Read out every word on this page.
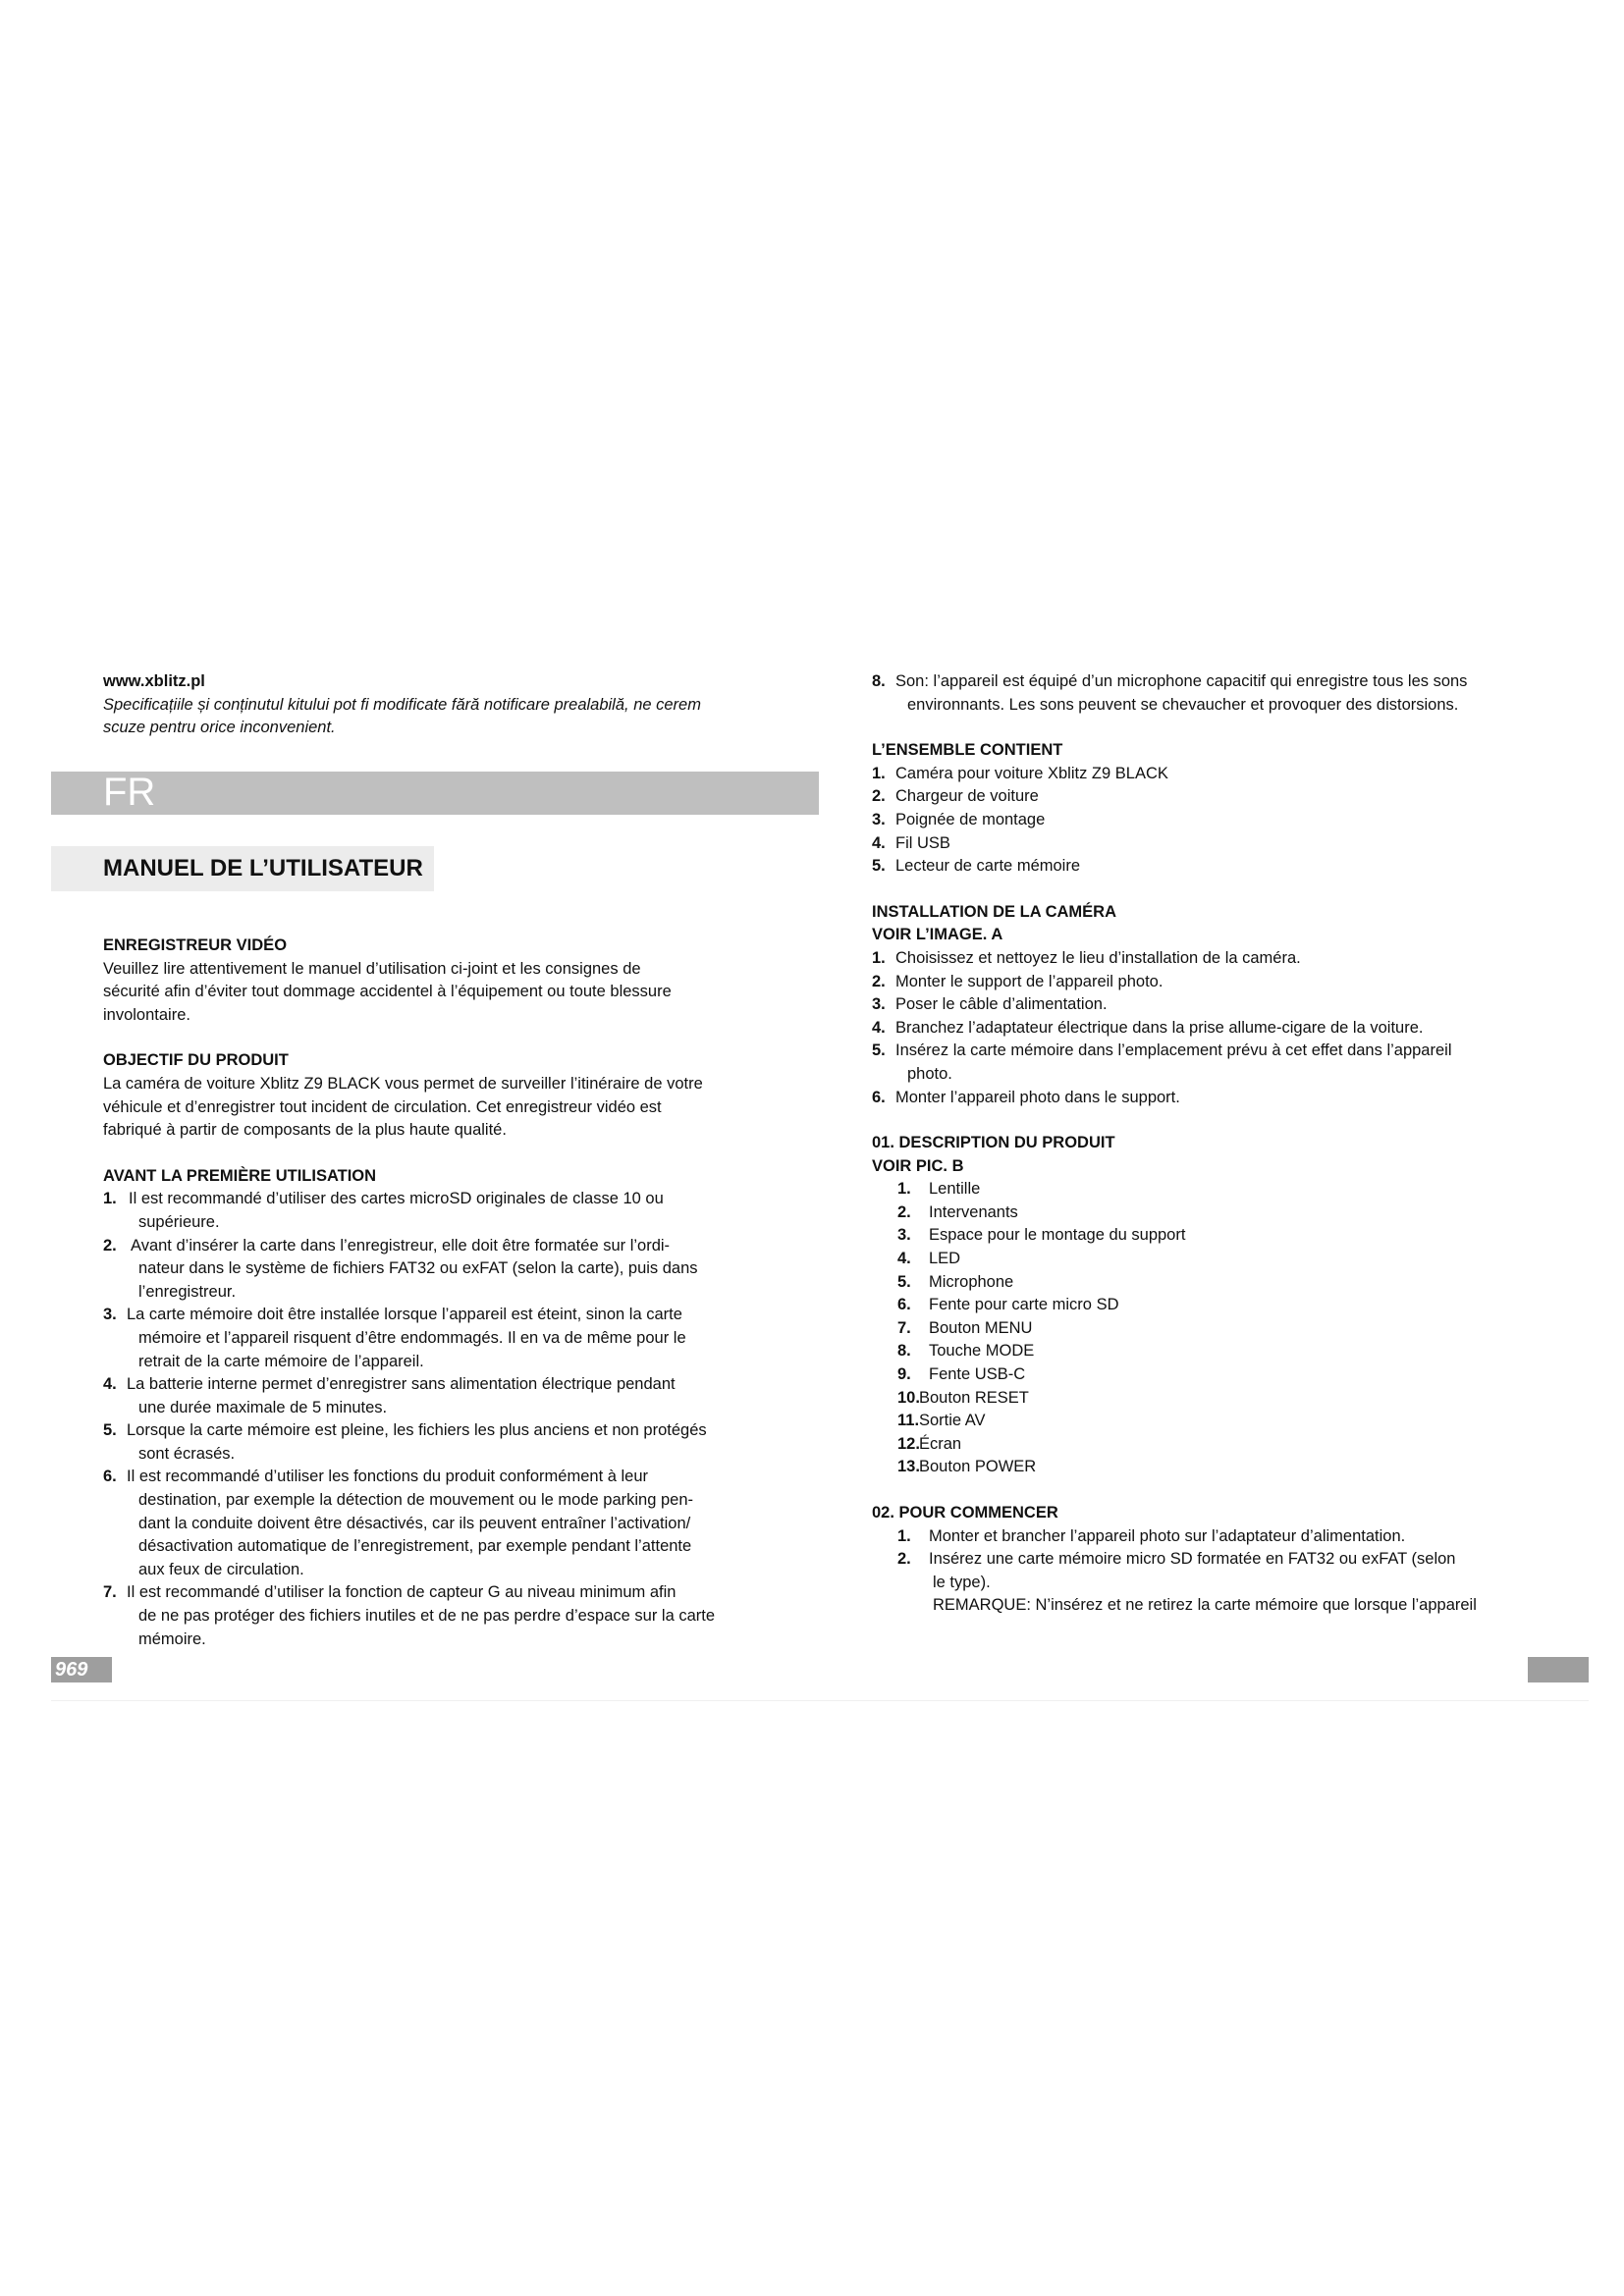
www.xblitz.pl
Specificațiile și conținutul kitului pot fi modificate fără notificare prealabilă, ne cerem scuze pentru orice inconvenient.
FR
MANUEL DE L’UTILISATEUR
ENREGISTREUR VIDÉO
Veuillez lire attentivement le manuel d’utilisation ci-joint et les consignes de
sécurité afin d’éviter tout dommage accidentel à l’équipement ou toute blessure
involontaire.
OBJECTIF DU PRODUIT
La caméra de voiture Xblitz Z9 BLACK vous permet de surveiller l’itinéraire de votre
véhicule et d’enregistrer tout incident de circulation. Cet enregistreur vidéo est
fabriqué à partir de composants de la plus haute qualité.
AVANT LA PREMIÈRE UTILISATION
1. Il est recommandé d’utiliser des cartes microSD originales de classe 10 ou
supérieure.
2. Avant d’insérer la carte dans l’enregistreur, elle doit être formatée sur l’ordi-
nateur dans le système de fichiers FAT32 ou exFAT (selon la carte), puis dans
l’enregistreur.
3. La carte mémoire doit être installée lorsque l’appareil est éteint, sinon la carte
mémoire et l’appareil risquent d’être endommagés. Il en va de même pour le
retrait de la carte mémoire de l’appareil.
4. La batterie interne permet d’enregistrer sans alimentation électrique pendant
une durée maximale de 5 minutes.
5. Lorsque la carte mémoire est pleine, les fichiers les plus anciens et non protégés
sont écrasés.
6. Il est recommandé d’utiliser les fonctions du produit conformément à leur
destination, par exemple la détection de mouvement ou le mode parking pen-
dant la conduite doivent être désactivés, car ils peuvent entraîner l’activation/
désactivation automatique de l’enregistrement, par exemple pendant l’attente
aux feux de circulation.
7. Il est recommandé d’utiliser la fonction de capteur G au niveau minimum afin
de ne pas protéger des fichiers inutiles et de ne pas perdre d’espace sur la carte
mémoire.
8. Son: l’appareil est équipé d’un microphone capacitif qui enregistre tous les sons
environnants. Les sons peuvent se chevaucher et provoquer des distorsions.
L’ENSEMBLE CONTIENT
1. Caméra pour voiture Xblitz Z9 BLACK
2. Chargeur de voiture
3. Poignée de montage
4. Fil USB
5. Lecteur de carte mémoire
INSTALLATION DE LA CAMÉRA
VOIR L’IMAGE. A
1. Choisissez et nettoyez le lieu d’installation de la caméra.
2. Monter le support de l’appareil photo.
3. Poser le câble d’alimentation.
4. Branchez l’adaptateur électrique dans la prise allume-cigare de la voiture.
5. Insérez la carte mémoire dans l’emplacement prévu à cet effet dans l’appareil
photo.
6. Monter l’appareil photo dans le support.
01. DESCRIPTION DU PRODUIT
VOIR PIC. B
1. Lentille
2. Intervenants
3. Espace pour le montage du support
4. LED
5. Microphone
6. Fente pour carte micro SD
7. Bouton MENU
8. Touche MODE
9. Fente USB-C
10. Bouton RESET
11. Sortie AV
12. Écran
13. Bouton POWER
02. POUR COMMENCER
1. Monter et brancher l’appareil photo sur l’adaptateur d’alimentation.
2. Insérez une carte mémoire micro SD formatée en FAT32 ou exFAT (selon
le type).
REMARQUE: N’insérez et ne retirez la carte mémoire que lorsque l’appareil
969
